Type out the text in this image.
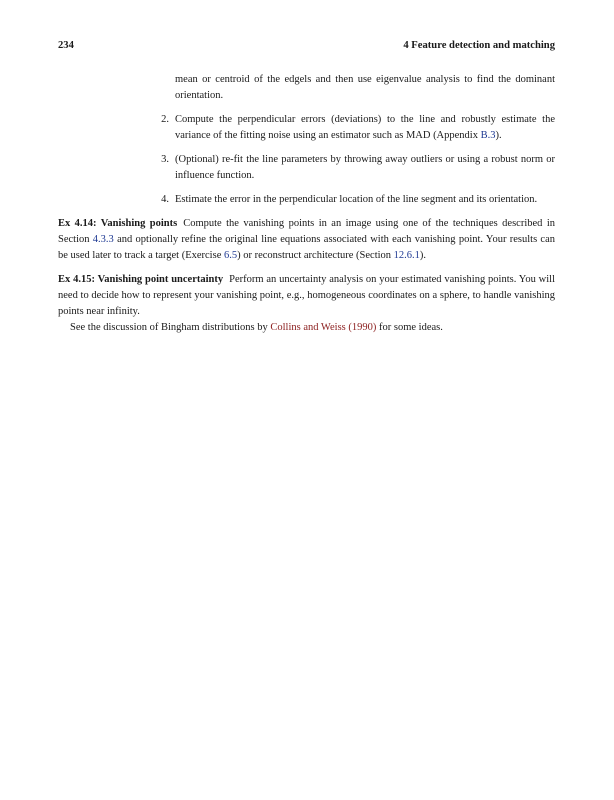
234	4 Feature detection and matching

mean or centroid of the edgels and then use eigenvalue analysis to find the dominant orientation.

2. Compute the perpendicular errors (deviations) to the line and robustly estimate the variance of the fitting noise using an estimator such as MAD (Appendix B.3).
3. (Optional) re-fit the line parameters by throwing away outliers or using a robust norm or influence function.
4. Estimate the error in the perpendicular location of the line segment and its orientation.

Ex 4.14: Vanishing points Compute the vanishing points in an image using one of the techniques described in Section 4.3.3 and optionally refine the original line equations associated with each vanishing point. Your results can be used later to track a target (Exercise 6.5) or reconstruct architecture (Section 12.6.1).

Ex 4.15: Vanishing point uncertainty Perform an uncertainty analysis on your estimated vanishing points. You will need to decide how to represent your vanishing point, e.g., homogeneous coordinates on a sphere, to handle vanishing points near infinity.

See the discussion of Bingham distributions by Collins and Weiss (1990) for some ideas.
